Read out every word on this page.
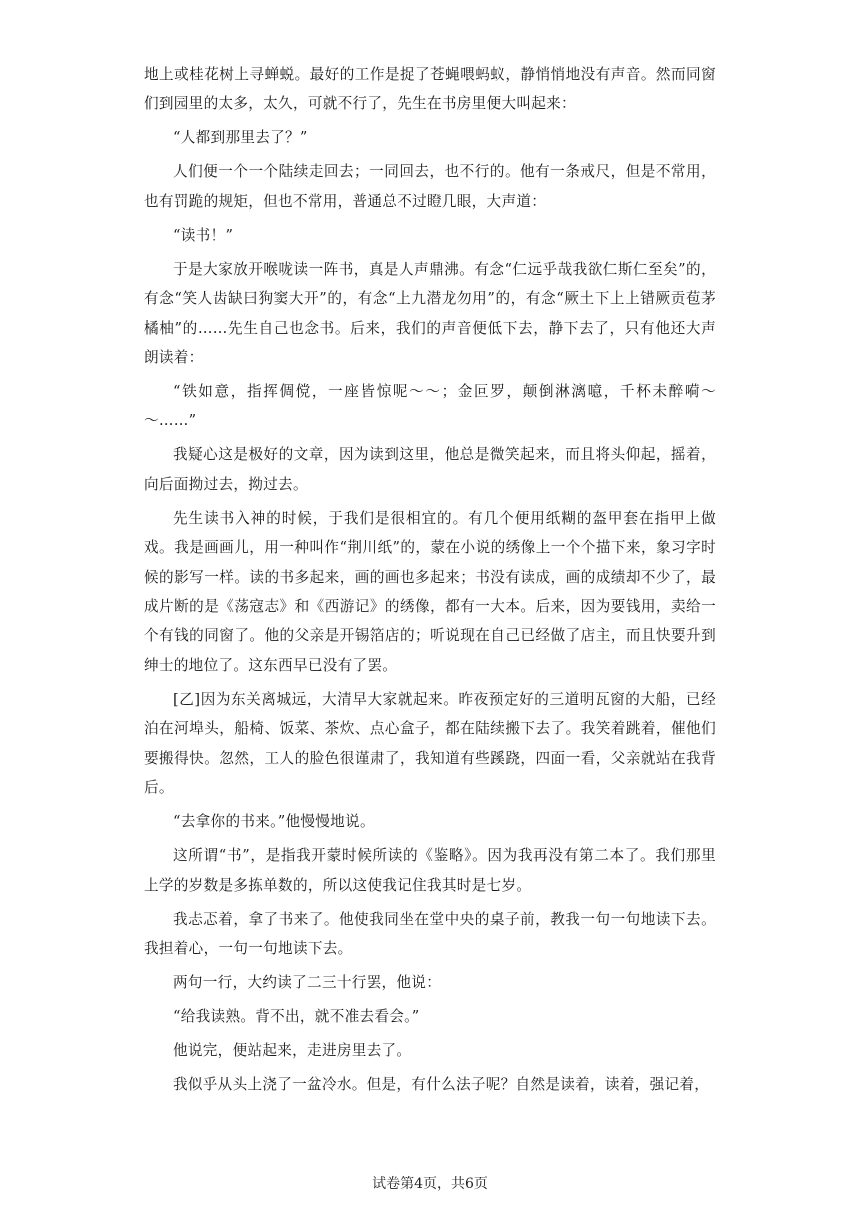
地上或桂花树上寻蝉蜕。最好的工作是捉了苍蝇喂蚂蚁，静悄悄地没有声音。然而同窗们到园里的太多，太久，可就不行了，先生在书房里便大叫起来：

“人都到那里去了？”

人们便一个一个陆续走回去；一同回去，也不行的。他有一条戒尺，但是不常用，也有罚跪的规矩，但也不常用，普通总不过瞪几眼，大声道：

“读书！”

于是大家放开喉咙读一阵书，真是人声鼎沸。有念“仁远乎哉我欲仁斯仁至矣”的，有念“笑人齿缺曰狗窦大开”的，有念“上九潜龙勿用”的，有念“厥土下上上错厥贡苞茅橘柚”的……先生自己也念书。后来，我们的声音便低下去，静下去了，只有他还大声朗读着：

“铁如意，指挥倜傥，一座皆惊呢～～；金叵罗，颠倒淋漓噫，千杯未醉嗬～～……”

我疑心这是极好的文章，因为读到这里，他总是微笑起来，而且将头仰起，摇着，向后面拗过去，拗过去。

先生读书入神的时候，于我们是很相宜的。有几个便用纸糊的盔甲套在指甲上做戏。我是画画儿，用一种叫作“荆川纸”的，蒙在小说的绣像上一个个描下来，象习字时候的影写一样。读的书多起来，画的画也多起来；书没有读成，画的成绩却不少了，最成片断的是《荡寇志》和《西游记》的绣像，都有一大本。后来，因为要钱用，卖给一个有钱的同窗了。他的父亲是开锡箔店的；听说现在自己已经做了店主，而且快要升到绅士的地位了。这东西早已没有了罢。

[乙]因为东关离城远，大清早大家就起来。昨夜预定好的三道明瓦窗的大船，已经泊在河埠头，船椅、饭菜、茶炊、点心盒子，都在陆续搬下去了。我笑着跳着，催他们要搬得快。忽然，工人的脸色很谨肃了，我知道有些蹊跷，四面一看，父亲就站在我背后。

“去拿你的书来。”他慢慢地说。

这所谓“书”，是指我开蒙时候所读的《鉴略》。因为我再没有第二本了。我们那里上学的岁数是多拣单数的，所以这使我记住我其时是七岁。

我忐忑着，拿了书来了。他使我同坐在堂中央的桌子前，教我一句一句地读下去。我担着心，一句一句地读下去。

两句一行，大约读了二三十行罢，他说：

“给我读熟。背不出，就不准去看会。”

他说完，便站起来，走进房里去了。

我似乎从头上浇了一盆冷水。但是，有什么法子呢？自然是读着，读着，强记着，

试卷第4页，共6页
